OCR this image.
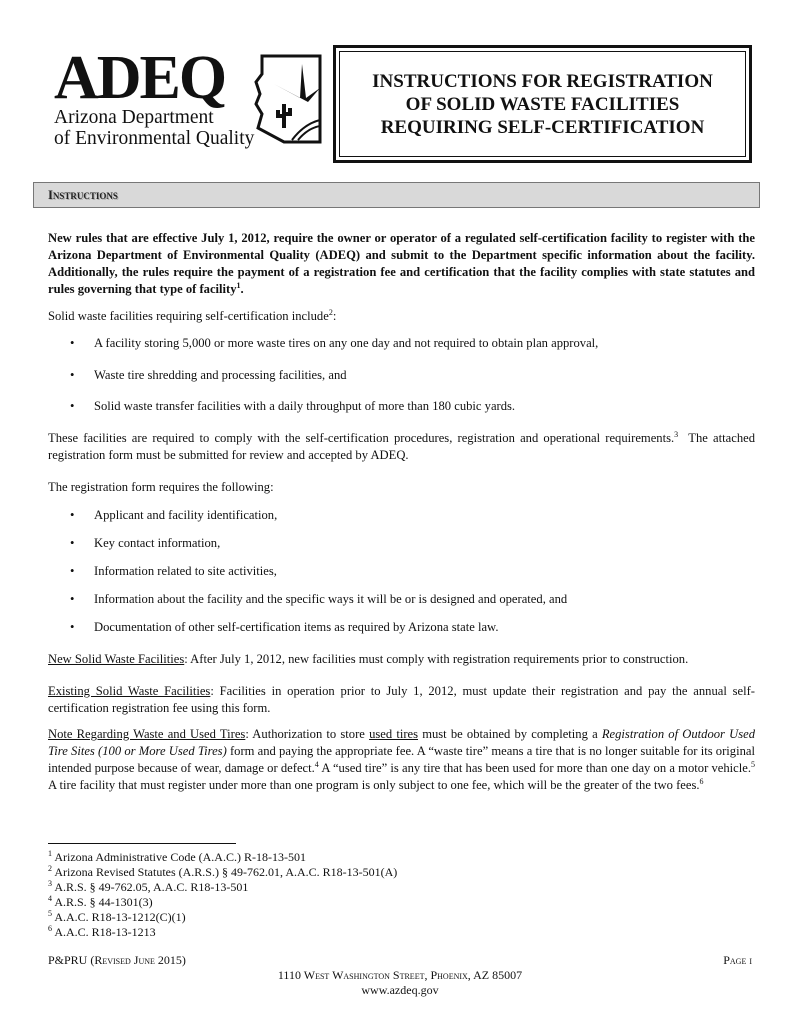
ADEQ
Arizona Department
of Environmental Quality
INSTRUCTIONS FOR REGISTRATION
OF SOLID WASTE FACILITIES
REQUIRING SELF-CERTIFICATION
Instructions
New rules that are effective July 1, 2012, require the owner or operator of a regulated self-certification facility to register with the Arizona Department of Environmental Quality (ADEQ) and submit to the Department specific information about the facility. Additionally, the rules require the payment of a registration fee and certification that the facility complies with state statutes and rules governing that type of facility$^1$.
Solid waste facilities requiring self-certification include$^2$:
• A facility storing 5,000 or more waste tires on any one day and not required to obtain plan approval,
• Waste tire shredding and processing facilities, and
• Solid waste transfer facilities with a daily throughput of more than 180 cubic yards.
These facilities are required to comply with the self-certification procedures, registration and operational requirements.$^3$  The attached registration form must be submitted for review and accepted by ADEQ.
The registration form requires the following:
• Applicant and facility identification,
• Key contact information,
• Information related to site activities,
• Information about the facility and the specific ways it will be or is designed and operated, and
• Documentation of other self-certification items as required by Arizona state law.
New Solid Waste Facilities: After July 1, 2012, new facilities must comply with registration requirements prior to construction.
Existing Solid Waste Facilities: Facilities in operation prior to July 1, 2012, must update their registration and pay the annual self-certification registration fee using this form.
Note Regarding Waste and Used Tires: Authorization to store used tires must be obtained by completing a Registration of Outdoor Used Tire Sites (100 or More Used Tires) form and paying the appropriate fee. A “waste tire” means a tire that is no longer suitable for its original intended purpose because of wear, damage or defect.$^4$ A “used tire” is any tire that has been used for more than one day on a motor vehicle.$^5$ A tire facility that must register under more than one program is only subject to one fee, which will be the greater of the two fees.$^6$
$^1$ Arizona Administrative Code (A.A.C.) R-18-13-501
$^2$ Arizona Revised Statutes (A.R.S.) § 49-762.01, A.A.C. R18-13-501(A)
$^3$ A.R.S. § 49-762.05, A.A.C. R18-13-501
$^4$ A.R.S. § 44-1301(3)
$^5$ A.A.C. R18-13-1212(C)(1)
$^6$ A.A.C. R18-13-1213
P&PRU (Revised June 2015)	Page i
1110 West Washington Street, Phoenix, AZ 85007
www.azdeq.gov
